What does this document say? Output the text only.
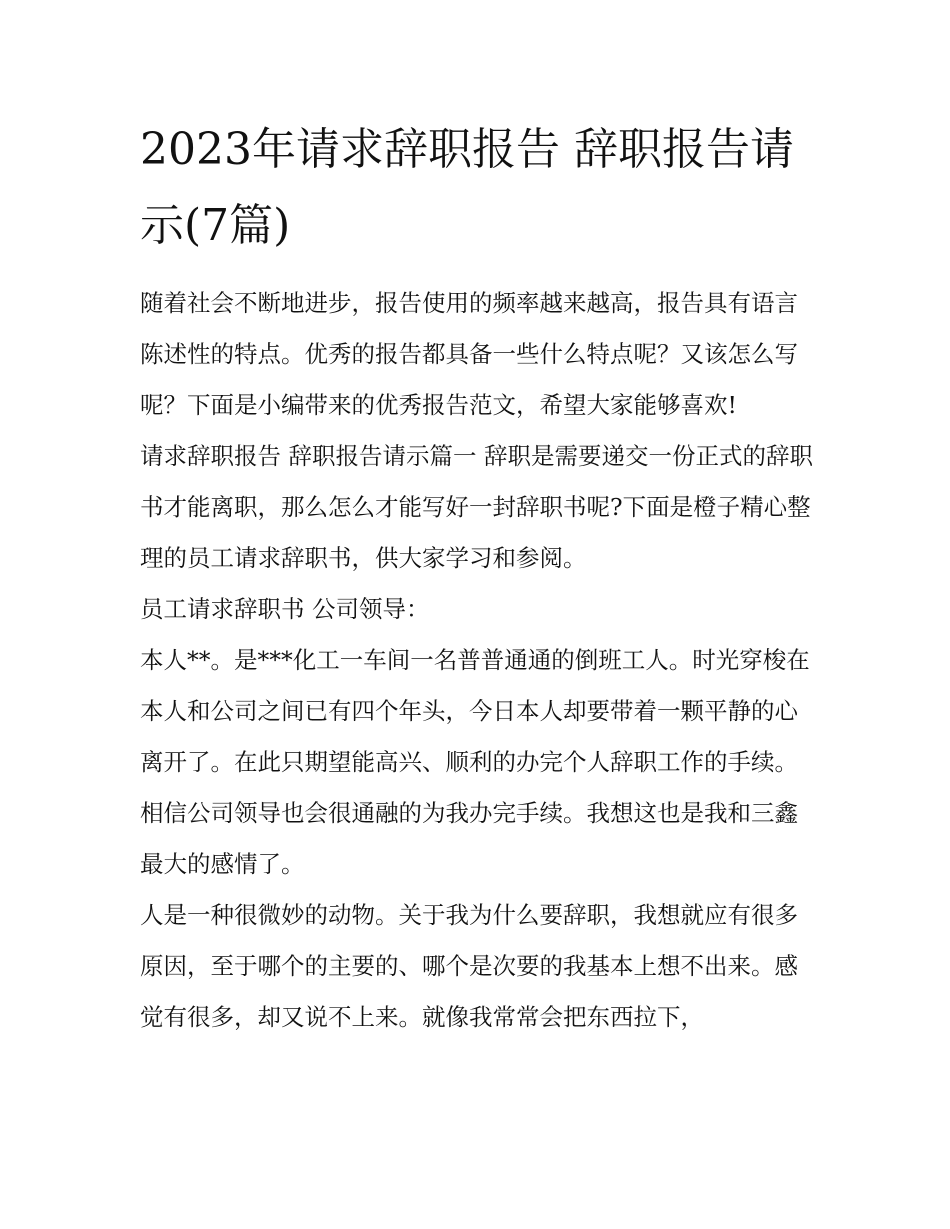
2023年请求辞职报告 辞职报告请示(7篇)

随着社会不断地进步，报告使用的频率越来越高，报告具有语言陈述性的特点。优秀的报告都具备一些什么特点呢？又该怎么写呢？下面是小编带来的优秀报告范文，希望大家能够喜欢!

请求辞职报告 辞职报告请示篇一 辞职是需要递交一份正式的辞职书才能离职，那么怎么才能写好一封辞职书呢?下面是橙子精心整理的员工请求辞职书，供大家学习和参阅。

员工请求辞职书 公司领导：

本人**。是***化工一车间一名普普通通的倒班工人。时光穿梭在本人和公司之间已有四个年头，今日本人却要带着一颗平静的心离开了。在此只期望能高兴、顺利的办完个人辞职工作的手续。相信公司领导也会很通融的为我办完手续。我想这也是我和三鑫最大的感情了。

人是一种很微妙的动物。关于我为什么要辞职，我想就应有很多原因，至于哪个的主要的、哪个是次要的我基本上想不出来。感觉有很多，却又说不上来。就像我常常会把东西拉下，
